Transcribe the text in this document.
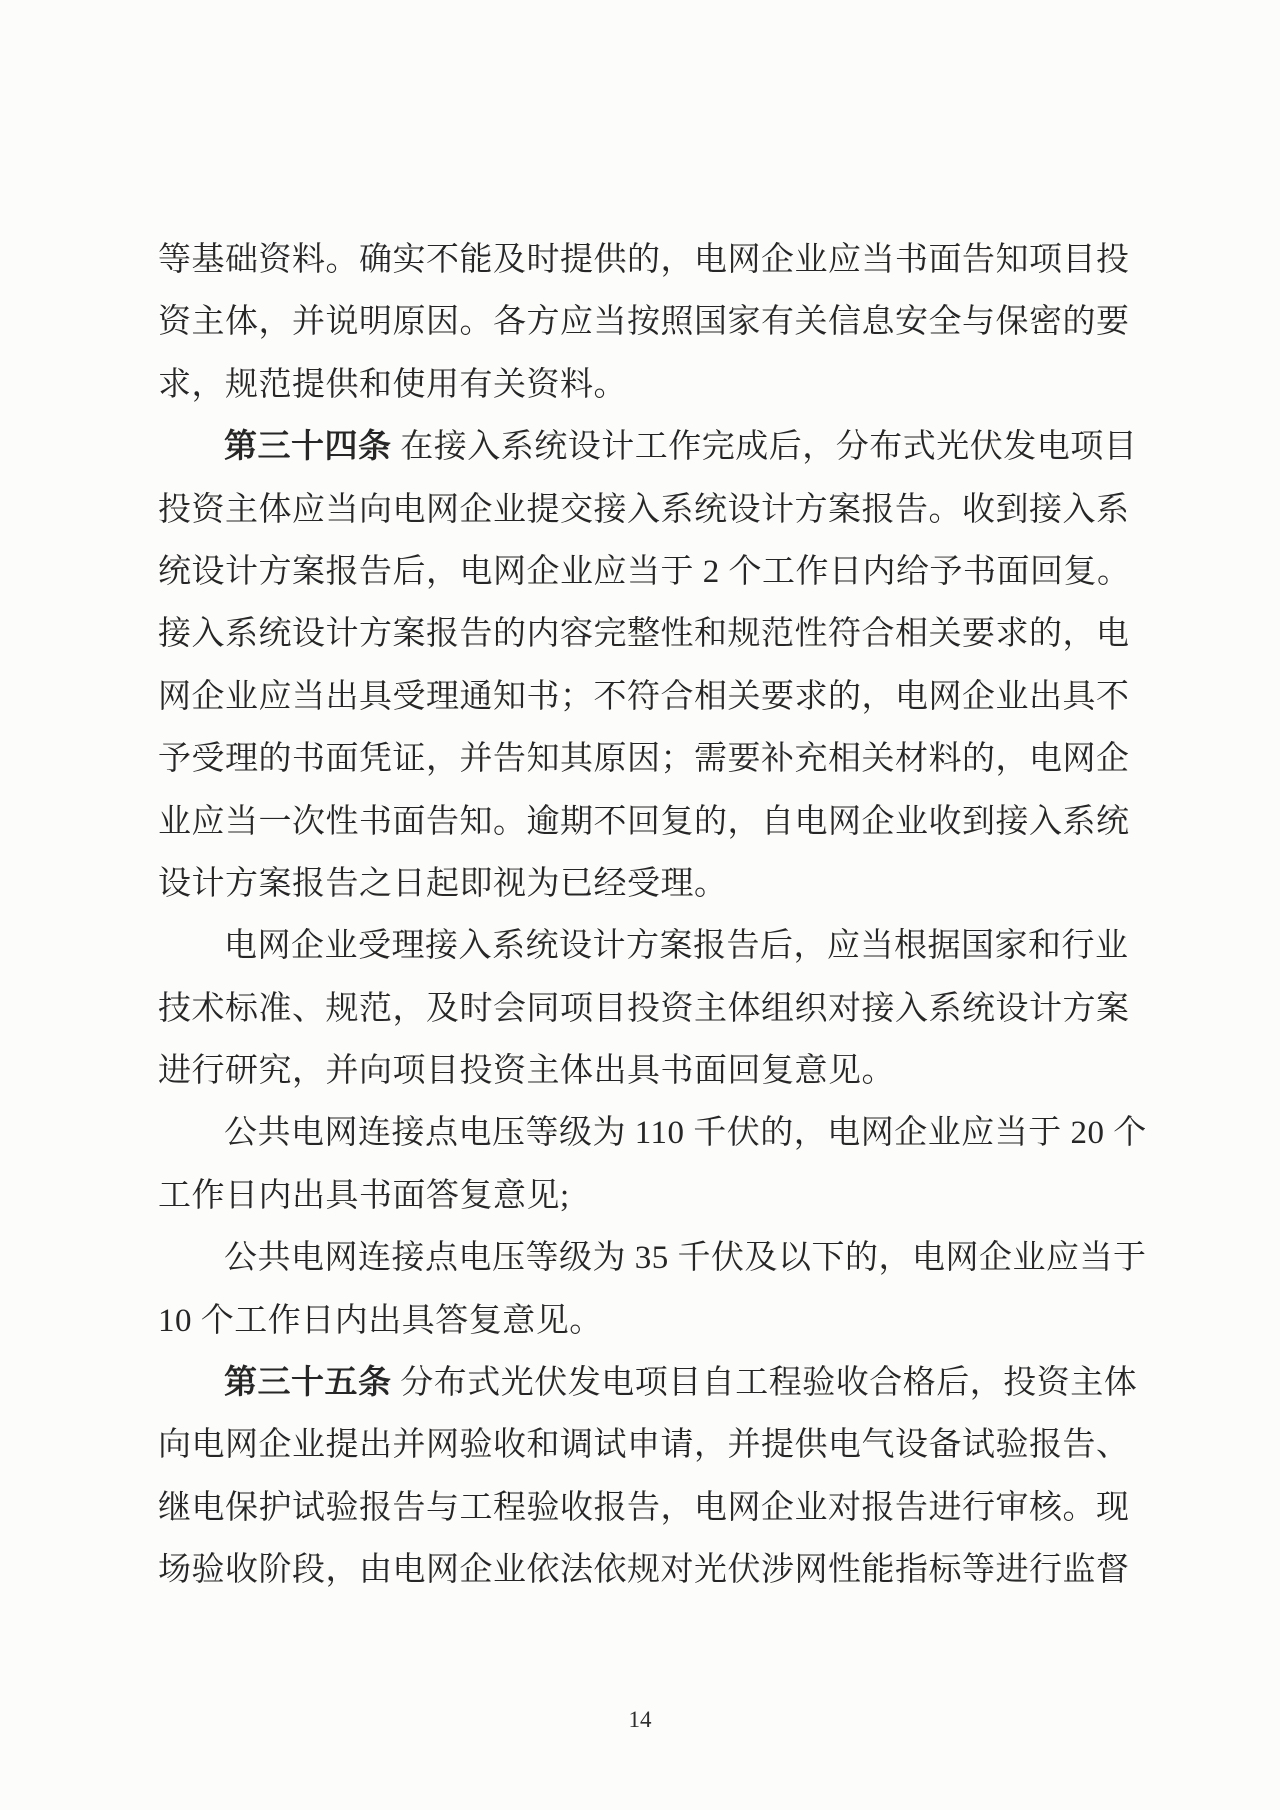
等基础资料。确实不能及时提供的，电网企业应当书面告知项目投
资主体，并说明原因。各方应当按照国家有关信息安全与保密的要
求，规范提供和使用有关资料。
第三十四条 在接入系统设计工作完成后，分布式光伏发电项目
投资主体应当向电网企业提交接入系统设计方案报告。收到接入系
统设计方案报告后，电网企业应当于 2 个工作日内给予书面回复。
接入系统设计方案报告的内容完整性和规范性符合相关要求的，电
网企业应当出具受理通知书；不符合相关要求的，电网企业出具不
予受理的书面凭证，并告知其原因；需要补充相关材料的，电网企
业应当一次性书面告知。逾期不回复的，自电网企业收到接入系统
设计方案报告之日起即视为已经受理。
电网企业受理接入系统设计方案报告后，应当根据国家和行业
技术标准、规范，及时会同项目投资主体组织对接入系统设计方案
进行研究，并向项目投资主体出具书面回复意见。
公共电网连接点电压等级为 110 千伏的，电网企业应当于 20 个
工作日内出具书面答复意见;
公共电网连接点电压等级为 35 千伏及以下的，电网企业应当于
10 个工作日内出具答复意见。
第三十五条 分布式光伏发电项目自工程验收合格后，投资主体
向电网企业提出并网验收和调试申请，并提供电气设备试验报告、
继电保护试验报告与工程验收报告，电网企业对报告进行审核。现
场验收阶段，由电网企业依法依规对光伏涉网性能指标等进行监督
14
